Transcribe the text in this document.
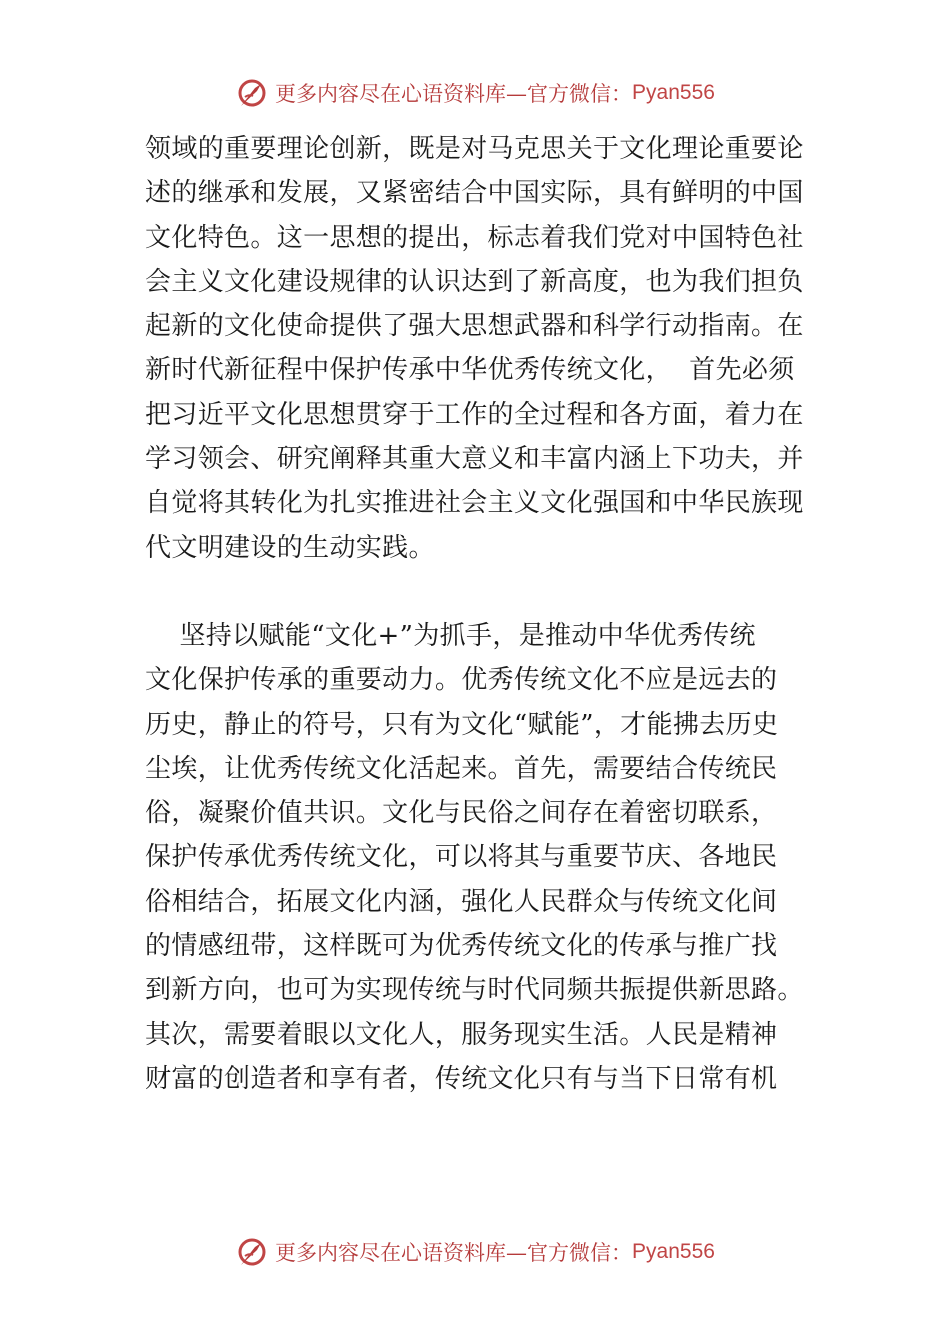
更多内容尽在心语资料库—官方微信： Pyan556
领域的重要理论创新，既是对马克思关于文化理论重要论
述的继承和发展，又紧密结合中国实际，具有鲜明的中国
文化特色。这一思想的提出，标志着我们党对中国特色社
会主义文化建设规律的认识达到了新高度，也为我们担负
起新的文化使命提供了强大思想武器和科学行动指南。在
新时代新征程中保护传承中华优秀传统文化，  首先必须
把习近平文化思想贯穿于工作的全过程和各方面，着力在
学习领会、研究阐释其重大意义和丰富内涵上下功夫，并
自觉将其转化为扎实推进社会主义文化强国和中华民族现
代文明建设的生动实践。
坚持以赋能“文化+”为抓手，是推动中华优秀传统
文化保护传承的重要动力。优秀传统文化不应是远去的
历史，静止的符号，只有为文化“赋能”，才能拂去历史
尘埃，让优秀传统文化活起来。首先，需要结合传统民
俗，凝聚价值共识。文化与民俗之间存在着密切联系，
保护传承优秀传统文化，可以将其与重要节庆、各地民
俗相结合，拓展文化内涵，强化人民群众与传统文化间
的情感纽带，这样既可为优秀传统文化的传承与推广找
到新方向，也可为实现传统与时代同频共振提供新思路。
其次，需要着眼以文化人，服务现实生活。人民是精神
财富的创造者和享有者，传统文化只有与当下日常有机
更多内容尽在心语资料库—官方微信： Pyan556
